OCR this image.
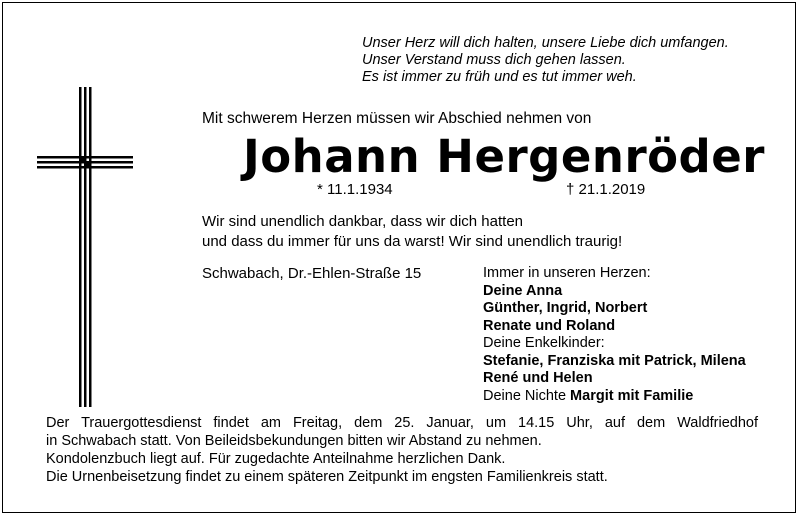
Unser Herz will dich halten, unsere Liebe dich umfangen.
Unser Verstand muss dich gehen lassen.
Es ist immer zu früh und es tut immer weh.
Mit schwerem Herzen müssen wir Abschied nehmen von
Johann Hergenröder
* 11.1.1934	† 21.1.2019
Wir sind unendlich dankbar, dass wir dich hatten
und dass du immer für uns da warst! Wir sind unendlich traurig!
Schwabach, Dr.-Ehlen-Straße 15	Immer in unseren Herzen:
Deine Anna
Günther, Ingrid, Norbert
Renate und Roland
Deine Enkelkinder:
Stefanie, Franziska mit Patrick, Milena
René und Helen
Deine Nichte Margit mit Familie
Der Trauergottesdienst findet am Freitag, dem 25. Januar, um 14.15 Uhr, auf dem Waldfriedhof
in Schwabach statt. Von Beileidsbekundungen bitten wir Abstand zu nehmen.
Kondolenzbuch liegt auf. Für zugedachte Anteilnahme herzlichen Dank.
Die Urnenbeisetzung findet zu einem späteren Zeitpunkt im engsten Familienkreis statt.
